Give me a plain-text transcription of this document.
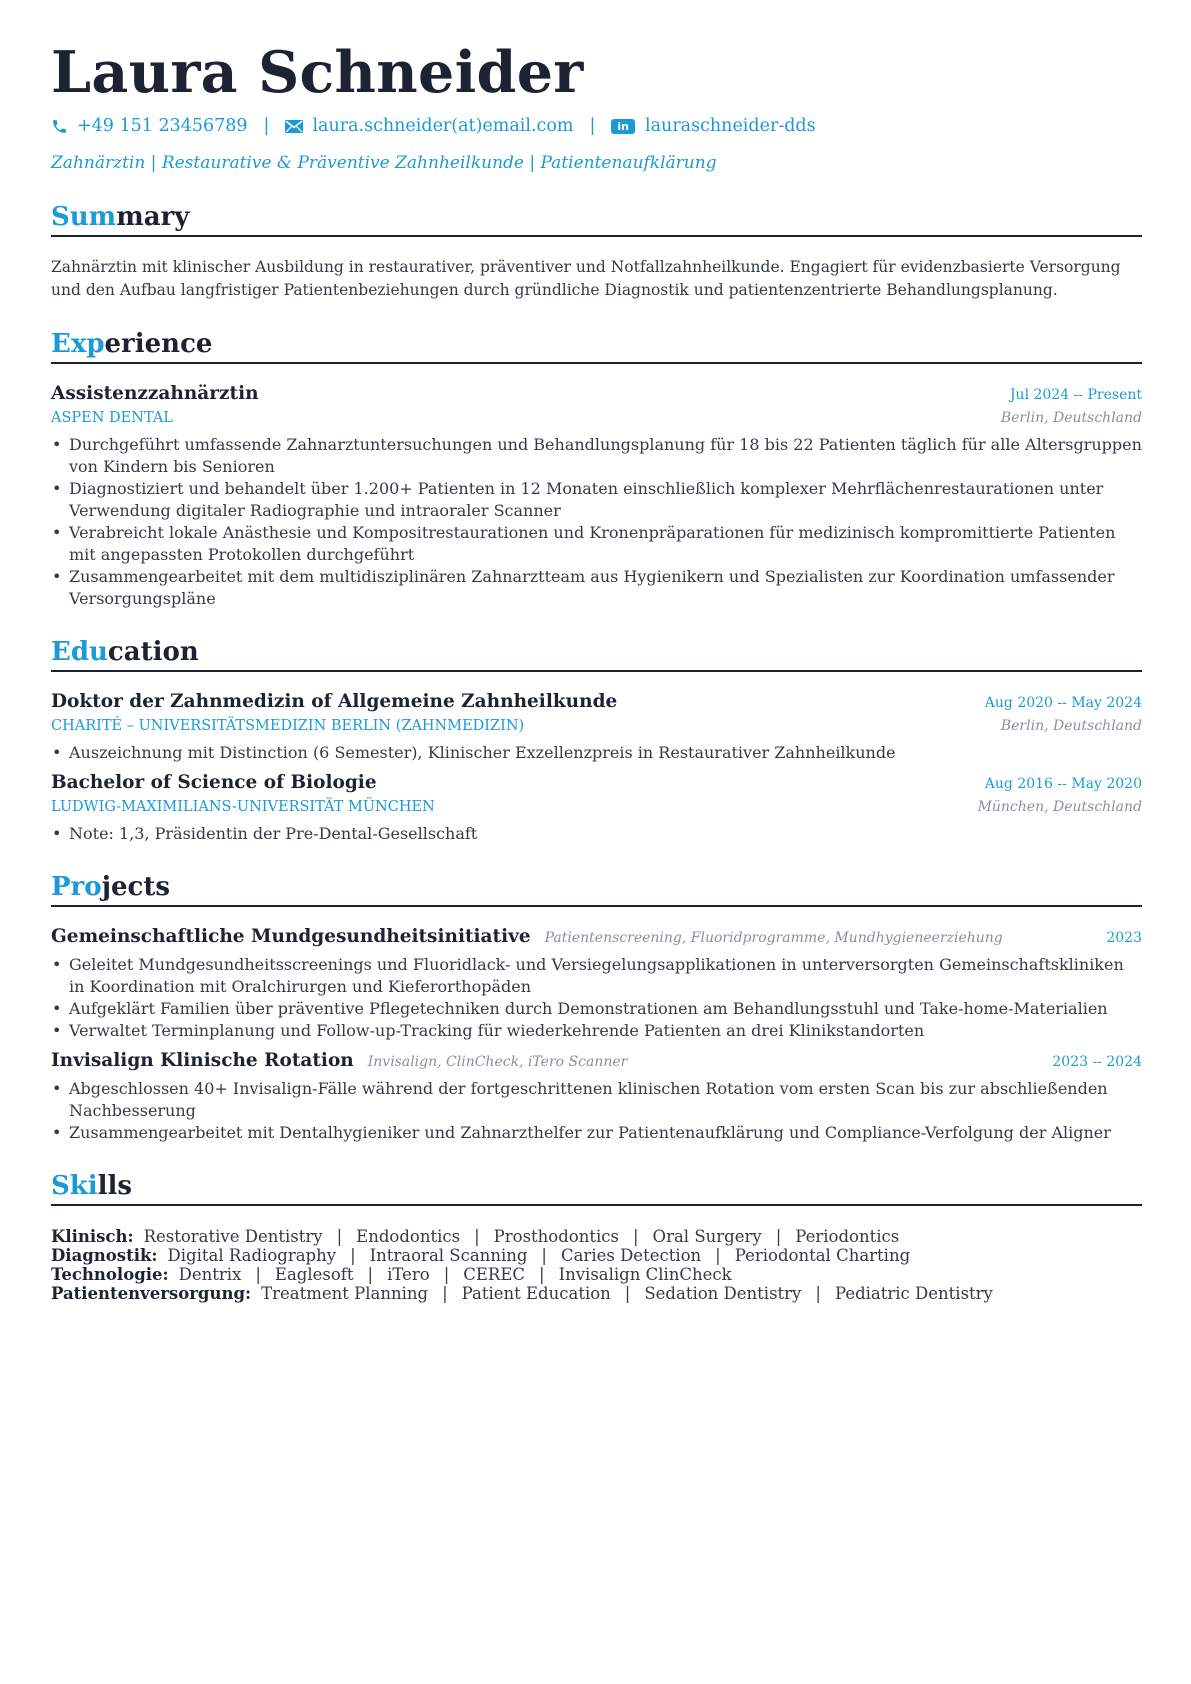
Laura Schneider
+49 151 23456789 | laura.schneider(at)email.com |	in lauraschneider-dds
Zahnärztin | Restaurative & Präventive Zahnheilkunde | Patientenaufklärung
Summary
Zahnärztin mit klinischer Ausbildung in restaurativer, präventiver und Notfallzahnheilkunde. Engagiert für evidenzbasierte Versorgung und den Aufbau langfristiger Patientenbeziehungen durch gründliche Diagnostik und patientenzentrierte Behandlungsplanung.
Experience
Assistenzzahnärztin	Jul 2024 -- Present
ASPEN DENTAL	Berlin, Deutschland
• Durchgeführt umfassende Zahnarztuntersuchungen und Behandlungsplanung für 18 bis 22 Patienten täglich für alle Altersgruppen von Kindern bis Senioren
• Diagnostiziert und behandelt über 1.200+ Patienten in 12 Monaten einschließlich komplexer Mehrflächenrestaurationen unter Verwendung digitaler Radiographie und intraoraler Scanner
• Verabreicht lokale Anästhesie und Kompositrestaurationen und Kronenpräparationen für medizinisch kompromittierte Patienten mit angepassten Protokollen durchgeführt
• Zusammengearbeitet mit dem multidisziplinären Zahnarztteam aus Hygienikern und Spezialisten zur Koordination umfassender Versorgungspläne
Education
Doktor der Zahnmedizin of Allgemeine Zahnheilkunde	Aug 2020 -- May 2024
CHARITÉ – UNIVERSITÄTSMEDIZIN BERLIN (ZAHNMEDIZIN)	Berlin, Deutschland
• Auszeichnung mit Distinction (6 Semester), Klinischer Exzellenzpreis in Restaurativer Zahnheilkunde
Bachelor of Science of Biologie	Aug 2016 -- May 2020
LUDWIG-MAXIMILIANS-UNIVERSITÄT MÜNCHEN	München, Deutschland
• Note: 1,3, Präsidentin der Pre-Dental-Gesellschaft
Projects
Gemeinschaftliche Mundgesundheitsinitiative Patientenscreening, Fluoridprogramme, Mundhygieneerziehung	2023
• Geleitet Mundgesundheitsscreenings und Fluoridlack- und Versiegelungsapplikationen in unterversorgten Gemeinschaftskliniken in Koordination mit Oralchirurgen und Kieferorthopäden
• Aufgeklärt Familien über präventive Pflegetechniken durch Demonstrationen am Behandlungsstuhl und Take-home-Materialien
• Verwaltet Terminplanung und Follow-up-Tracking für wiederkehrende Patienten an drei Klinikstandorten
Invisalign Klinische Rotation Invisalign, ClinCheck, iTero Scanner	2023 -- 2024
• Abgeschlossen 40+ Invisalign-Fälle während der fortgeschrittenen klinischen Rotation vom ersten Scan bis zur abschließenden Nachbesserung
• Zusammengearbeitet mit Dentalhygieniker und Zahnarzthelfer zur Patientenaufklärung und Compliance-Verfolgung der Aligner
Skills
Klinisch: Restorative Dentistry | Endodontics | Prosthodontics | Oral Surgery | Periodontics
Diagnostik: Digital Radiography | Intraoral Scanning | Caries Detection | Periodontal Charting
Technologie: Dentrix | Eaglesoft | iTero | CEREC | Invisalign ClinCheck
Patientenversorgung: Treatment Planning | Patient Education | Sedation Dentistry | Pediatric Dentistry
